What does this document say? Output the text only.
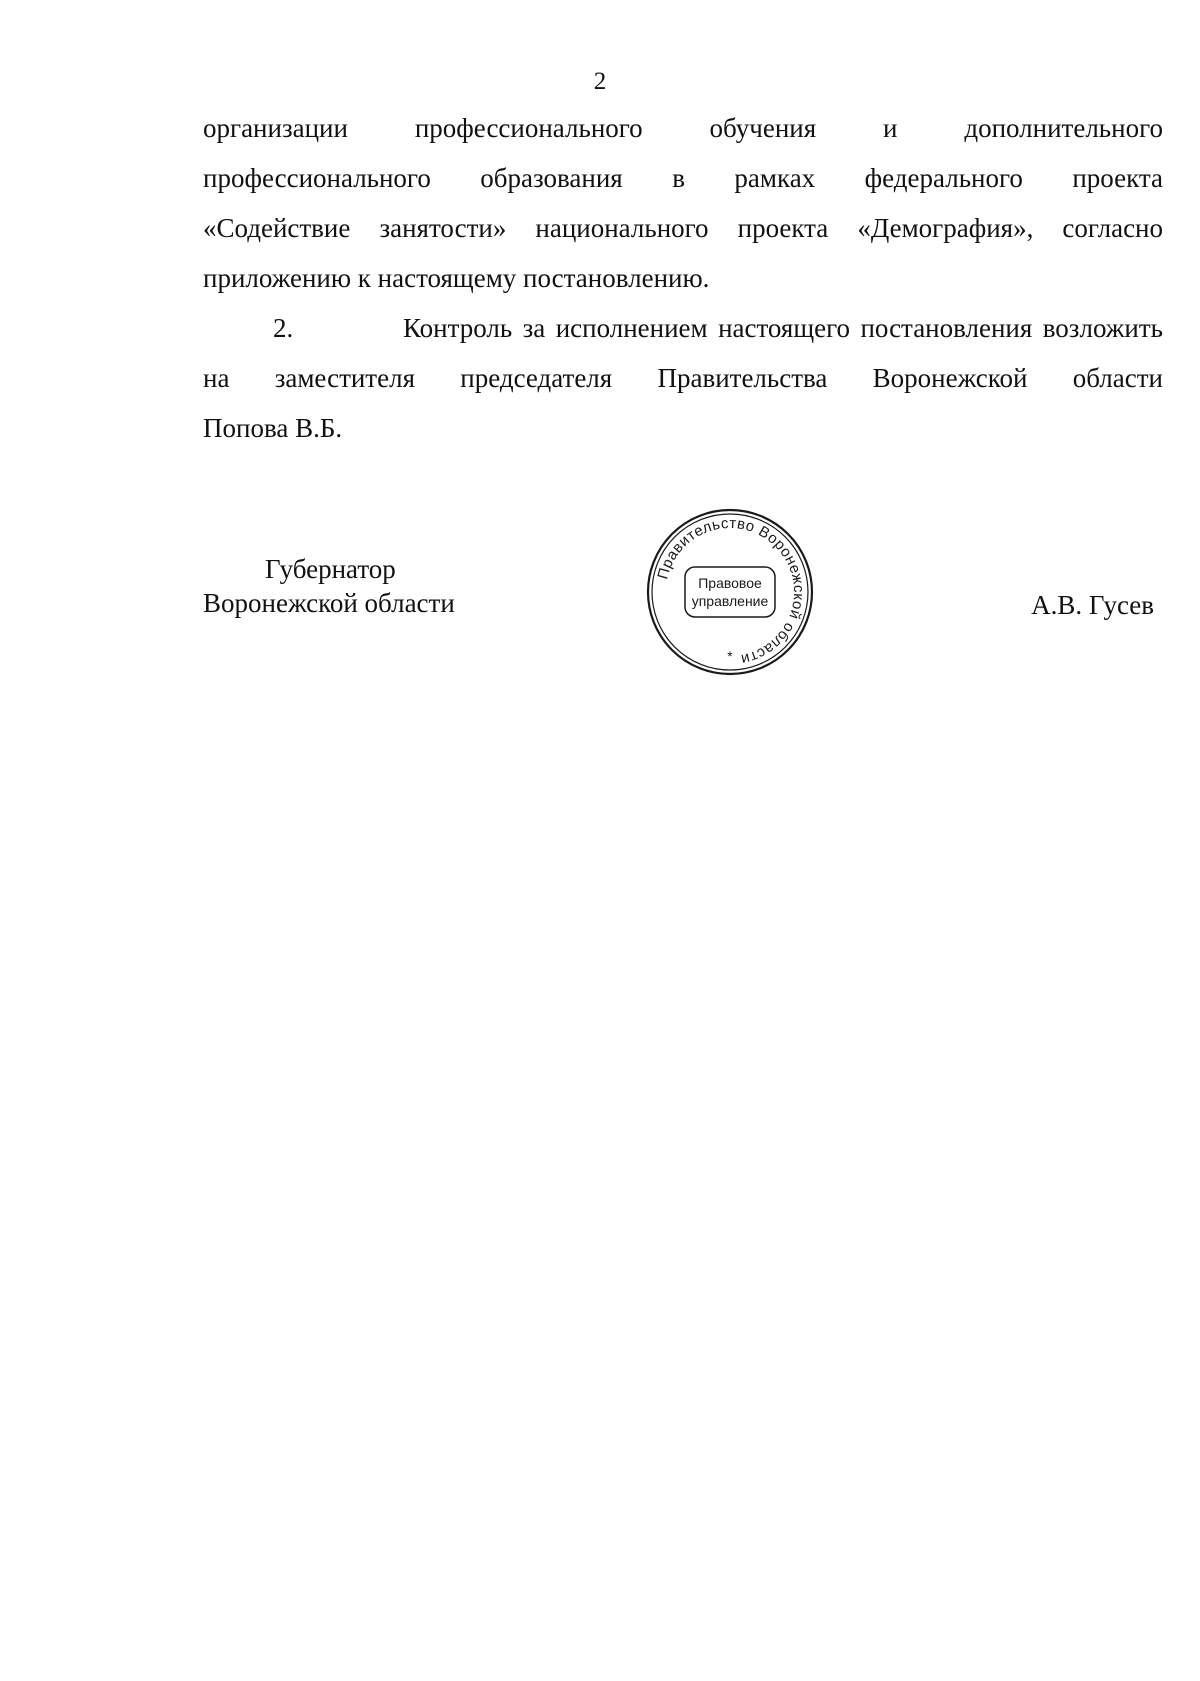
2
организации профессионального обучения и дополнительного
профессионального образования в рамках федерального проекта
«Содействие занятости» национального проекта «Демография», согласно
приложению к настоящему постановлению.
2.	Контроль за исполнением настоящего постановления возложить
на заместителя председателя Правительства Воронежской области
Попова В.Б.
Губернатор
Воронежской области
Правительство Воронежской области
Правовое
управление
*
А.В. Гусев
